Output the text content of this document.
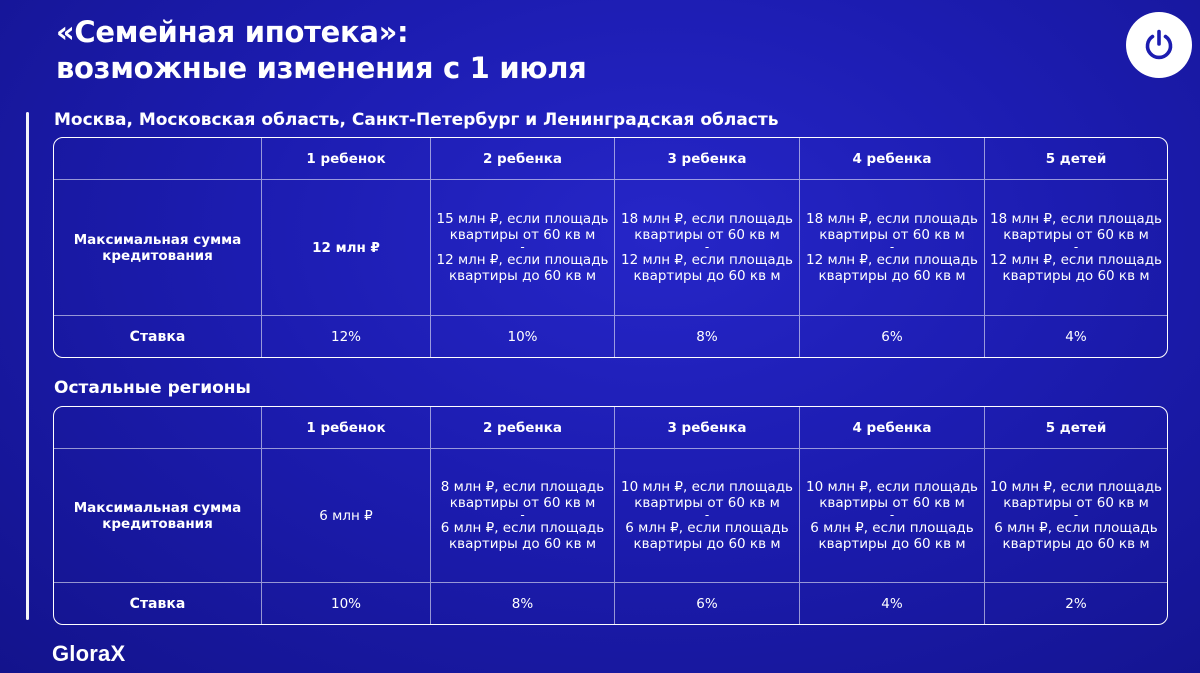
«Семейная ипотека»:
возможные изменения с 1 июля
Москва, Московская область, Санкт-Петербург и Ленинградская область
	1 ребенок	2 ребенка	3 ребенка	4 ребенка	5 детей
Максимальная сумма кредитования	12 млн ₽	15 млн ₽, если площадь квартиры от 60 кв м
-
12 млн ₽, если площадь квартиры до 60 кв м	18 млн ₽, если площадь квартиры от 60 кв м
-
12 млн ₽, если площадь квартиры до 60 кв м	18 млн ₽, если площадь квартиры от 60 кв м
-
12 млн ₽, если площадь квартиры до 60 кв м	18 млн ₽, если площадь квартиры от 60 кв м
-
12 млн ₽, если площадь квартиры до 60 кв м

Ставка	12%	10%	8%	6%	4%
Остальные регионы
	1 ребенок	2 ребенка	3 ребенка	4 ребенка	5 детей
Максимальная сумма кредитования	6 млн ₽	8 млн ₽, если площадь квартиры от 60 кв м
-
6 млн ₽, если площадь квартиры до 60 кв м	10 млн ₽, если площадь квартиры от 60 кв м
-
6 млн ₽, если площадь квартиры до 60 кв м	10 млн ₽, если площадь квартиры от 60 кв м
-
6 млн ₽, если площадь квартиры до 60 кв м	10 млн ₽, если площадь квартиры от 60 кв м
-
6 млн ₽, если площадь квартиры до 60 кв м

Ставка	10%	8%	6%	4%	2%
GloraX
